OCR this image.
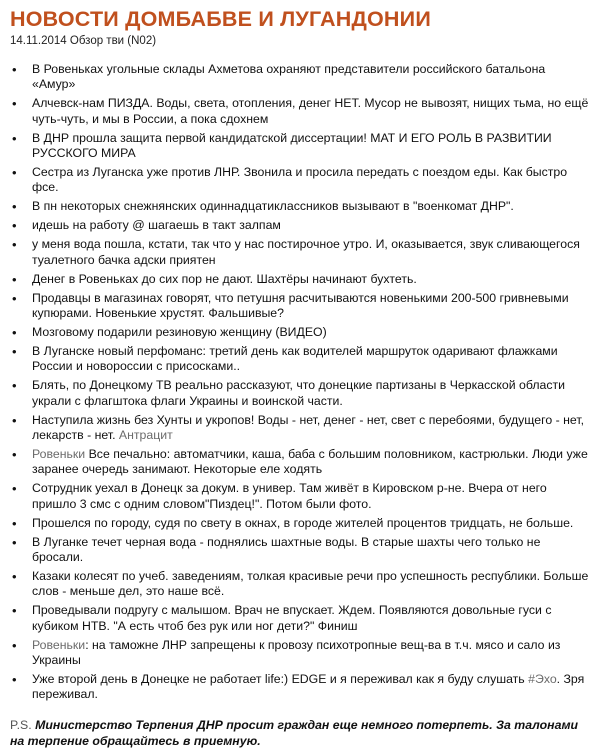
НОВОСТИ ДОМБАБВЕ И ЛУГАНДОНИИ
14.11.2014 Обзор тви (N02)
• В Ровеньках угольные склады Ахметова охраняют представители российского батальона «Амур»
• Алчевск-нам ПИЗДА. Воды, света, отопления, денег НЕТ. Мусор не вывозят, нищих тьма, но ещё чуть-чуть, и мы в России, а пока сдохнем
• В ДНР прошла защита первой кандидатской диссертации! МАТ И ЕГО РОЛЬ В РАЗВИТИИ РУССКОГО МИРА
• Сестра из Луганска уже против ЛНР. Звонила и просила передать с поездом еды. Как быстро фсе.
• В пн некоторых снежнянских одиннадцатиклассников вызывают в "военкомат ДНР".
• идешь на работу @ шагаешь в такт залпам
• у меня вода пошла, кстати, так что у нас постирочное утро. И, оказывается, звук сливающегося туалетного бачка адски приятен
• Денег в Ровеньках до сих пор не дают. Шахтёры начинают бухтеть.
• Продавцы в магазинах говорят, что петушня расчитываются новенькими 200-500 гривневыми купюрами. Новенькие хрустят. Фальшивые?
• Мозговому подарили резиновую женщину (ВИДЕО)
• В Луганске новый перфоманс: третий день как водителей маршруток одаривают флажками России и новороссии с присосками..
• Блять, по Донецкому ТВ реально рассказуют, что донецкие партизаны в Черкасской области украли с флагштока флаги Украины и воинской части.
• Наступила жизнь без Хунты и укропов! Воды - нет, денег - нет, свет с перебоями, будущего - нет, лекарств - нет. Антрацит
• Ровеньки Все печально: автоматчики, каша, баба с большим половником, кастрюльки. Люди уже заранее очередь занимают. Некоторые еле ходять
• Сотрудник уехал в Донецк за докум. в универ. Там живёт в Кировском р-не. Вчера от него пришло 3 смс с одним словом"Пиздец!". Потом были фото.
• Прошелся по городу, судя по свету в окнах, в городе жителей процентов тридцать, не больше.
• В Луганке течет черная вода - поднялись шахтные воды. В старые шахты чего только не бросали.
• Казаки колесят по учеб. заведениям, толкая красивые речи про успешность республики. Больше слов - меньше дел, это наше всё.
• Проведывали подругу с малышом. Врач не впускает. Ждем. Появляются довольные гуси с кубиком НТВ. "А есть чтоб без рук или ног дети?" Финиш
• Ровеньки: на таможне ЛНР запрещены к провозу психотропные вещ-ва в т.ч. мясо и сало из Украины
• Уже второй день в Донецке не работает life:) EDGE и я переживал как я буду слушать #Эхо. Зря переживал.

P.S. Министерство Терпения ДНР просит граждан еще немного потерпеть. За талонами на терпение обращайтесь в приемную.
